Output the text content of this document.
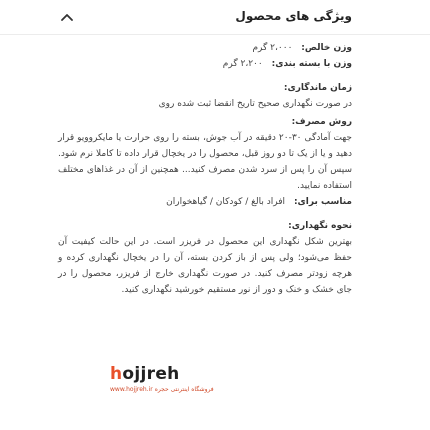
ویژگی های محصول
وزن خالص: ۲،۰۰۰ گرم
وزن با بسته بندی: ۲،۲۰۰ گرم
زمان ماندگاری:
در صورت نگهداری صحیح تاریخ انقضا ثبت شده روی
روش مصرف:
جهت آمادگی ۳۰-۲۰ دقیقه در آب جوش، بسته را روی حرارت یا مایکروویو قرار دهید و یا از یک تا دو روز قبل، محصول را در یخچال قرار داده تا کاملا نرم شود. سپس آن را پس از سرد شدن مصرف کنید... همچنین از آن در غذاهای مختلف استفاده نمایید.
مناسب برای: افراد بالغ / کودکان / گیاهخواران
نحوه نگهداری:
بهترین شکل نگهداری این محصول در فریزر است. در این حالت کیفیت آن حفظ می‌شود؛ ولی پس از باز کردن بسته، آن را در یخچال نگهداری کرده و هرچه زودتر مصرف کنید. در صورت نگهداری خارج از فریزر، محصول را در جای خشک و خنک و دور از نور مستقیم خورشید نگهداری کنید.
hojjreh
www.hojjreh.ir فروشگاه اینترنتی حجره
